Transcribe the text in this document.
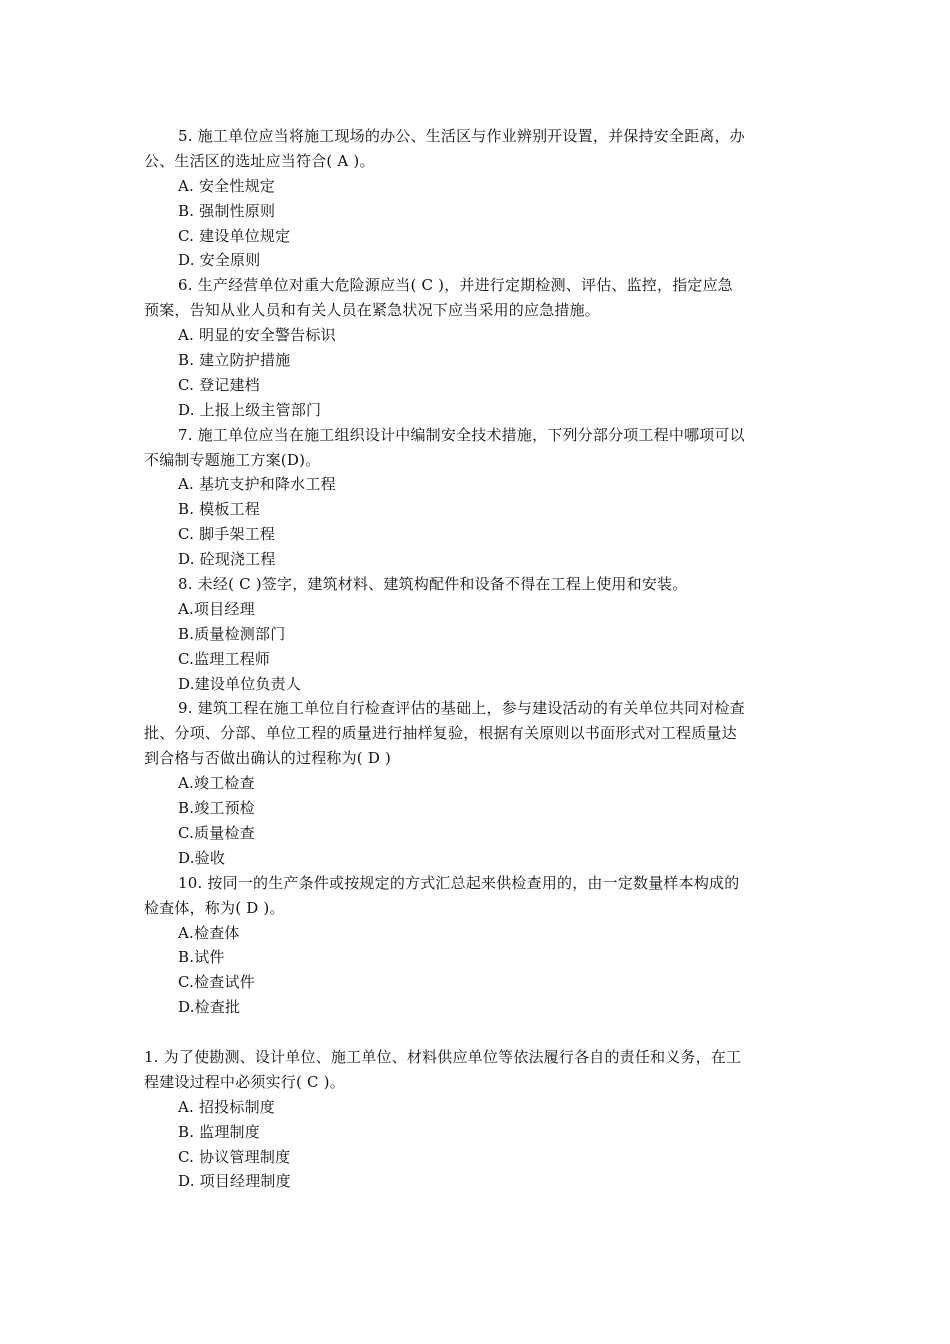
5. 施工单位应当将施工现场的办公、生活区与作业辨别开设置，并保持安全距离，办
公、生活区的选址应当符合( A )。
A. 安全性规定
B. 强制性原则
C. 建设单位规定
D. 安全原则
6. 生产经营单位对重大危险源应当( C )，并进行定期检测、评估、监控，指定应急
预案，告知从业人员和有关人员在紧急状况下应当采用的应急措施。
A. 明显的安全警告标识
B. 建立防护措施
C. 登记建档
D. 上报上级主管部门
7. 施工单位应当在施工组织设计中编制安全技术措施，下列分部分项工程中哪项可以
不编制专题施工方案(D)。
A. 基坑支护和降水工程
B. 模板工程
C. 脚手架工程
D. 砼现浇工程
8. 未经( C )签字，建筑材料、建筑构配件和设备不得在工程上使用和安装。
A.项目经理
B.质量检测部门
C.监理工程师
D.建设单位负责人
9. 建筑工程在施工单位自行检查评估的基础上，参与建设活动的有关单位共同对检查
批、分项、分部、单位工程的质量进行抽样复验，根据有关原则以书面形式对工程质量达
到合格与否做出确认的过程称为( D )
A.竣工检查
B.竣工预检
C.质量检查
D.验收
10. 按同一的生产条件或按规定的方式汇总起来供检查用的，由一定数量样本构成的
检查体，称为( D )。
A.检查体
B.试件
C.检查试件
D.检查批
1. 为了使勘测、设计单位、施工单位、材料供应单位等依法履行各自的责任和义务，在工
程建设过程中必须实行( C )。
A. 招投标制度
B. 监理制度
C. 协议管理制度
D. 项目经理制度
